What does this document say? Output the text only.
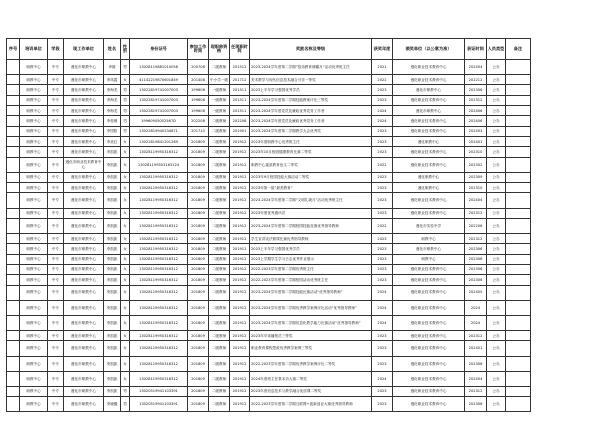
序号	培训单位	学段	现工作单位	姓名	性别	身份证号	参加工作时间	现职称资格	任现职时间	奖励名称及等级	获奖年度	颁奖单位（以公章为准）	获证时间	人员类型	备注
	职教中心	中专	遵化市职教中心	李雄	男	13028119881010058	200708	二级教师	201512	2023-2024学年度第二学期“招弟教育储蓄月”活动优秀班主任	2021	遵化职业技术教育中心	202404	公办	
	职教中心	中专	遵化市职教中心	李凤霞	女	41142219870601849	201408	中小学一级	201712	美术教学与现代信息技术融合分享一等奖	2022	遵化职业技术教育中心	202212	公办	
	职教中心	中专	遵化市职教中心	李海龙	男	13022819741007003	199608	一级教师	201511	2023上半年学习强国优秀学员	2023	遵化市职教中心	202306	公办	
	职教中心	中专	遵化市职教中心	李海龙	男	13022819741007003	199608	一级教师	201511	2023-2024学年度第二学期技能教案评比三等奖	2023	遵化职业技术教育中心	202312	公办	
	职教中心	中专	遵化市职教中心	李海龙	男	13022819741007003	199608	一级教师	201511	2023-2024学年度党员及廉政优秀党务工作者	2024	遵化市职教中心	202406	公办	
	职教中心	中专	遵化市职教中心	李桂桐	男	19960905002567D	202208	二级教师	202208	2023-2024学年度党员及廉政优秀党务工作者	2024	遵化职业技术教育中心	202406	公办	
	职教中心	中专	遵化市职教中心	李国阳	男	13022819940234871	201710	二级教师	201901	2023-2024学年度第二学期教学大会优秀奖	2023	遵化职业技术教育中心	202403	公办	
	职教中心	中专	遵化市职教中心	李美红	女	13022819841201269	201809	二级教师	201912	2023年度职教中心优秀班主任	2023	遵化职教中心	202401	公办	
	职教中心	中专	遵化市职教中心	李凯凯	女	13028119950316312	201809	二级教师	201912	2023年10月校园健康教育比赛二等奖	2023	遵化职业技术教育中心	202310	公办	
	职教中心	中专	遵化市职业技术教育中心	李凯凯	女	130281199503163124	201809	二级教师	201912	职教中心素质教育论文二等奖	2022	遵化职业技术教育中心	202302	公办	
	职教中心	中专	遵化市职教中心	李凯凯	女	13028119950316312	201809	二级教师	201912	2023年9月校园技能大赛活动二等奖	2023	遵化职教中心	202309	公办	
	职教中心	中专	遵化市职教中心	李凯凯	女	13028119950316312	201809	二级教师	201912	2023年第一届“最美教育”	2023	遵化职教中心	202310	公办	
	职教中心	中专	遵化市职教中心	李凯凯	女	13028119950316312	201809	二级教师	201912	2023-2024学年度第二学期“文明礼貌月”活动优秀班主任	2023	遵化职业技术教育中心	202404	公办	
	职教中心	中专	遵化市职教中心	李凯凯	女	13028119950316312	201809	二级教师	201912	2023年度优秀通讯员	2023	遵化职业技术教育中心	202312	公办	
	职教中心	中专	遵化市职教中心	李凯凯	女	13028119950316312	201809	二级教师	201912	2023-2024学年度第二学期校园技能竞赛优秀指导教师	2022	遵化市实验中学	202206	公办	
	职教中心	中专	遵化市职教中心	李凯凯	女	13028119950316312	201809	二级教师	201912	学生宣讲宪法微课比赛优秀指导教师	2023	职教中心	202312	公办	
	职教中心	中专	遵化市职教中心	李凯凯	女	13028119950316312	201809	二级教师	201912	2023上半年学习强国优秀学员	2023	遵化市职教中心	202306	公办	
	职教中心	中专	遵化市职教中心	李凯凯	女	13028119950316312	201809	二级教师	201912	2023上学期学生学习日志优秀作业展示	2023	职教中心	202306	公办	
	职教中心	中专	遵化市职教中心	李凯凯	女	13028119950316312	201809	二级教师	201912	2022-2023学年度第二学期优秀班主任	2023	遵化职业技术教育中心	202306	公办	
	职教中心	中专	遵化市职教中心	李凯凯	女	13028119950316312	201809	二级教师	201912	2022-2023学年度第二学期校园活动优秀班主任	2023	遵化职业技术教育中心	202306	公办	
	职教中心	中专	遵化市职教中心	李凯凯	女	13028119950316312	201809	二级教师	201912	2023-2024学年度第二学期技能比赛活动“优秀指导教师”	2024	遵化职业技术教育中心	202405	公办	
	职教中心	中专	遵化市职教中心	李凯凯	女	13028119950316312	201809	二级教师	201912	2023-2024学年度第二学期优秀教学案例评比活动“优秀指导教师”	2024	遵化职业技术教育中心	2024	公办	
	职教中心	中专	遵化市职教中心	李凯凯	女	13028119950316312	201809	二级教师	201912	2023-2024学年度第二学期信息化教学能力比赛活动“优秀指导教师”	2024	遵化职业技术教育中心	2024	公办	
	职教中心	中专	遵化市职教中心	李凯凯	女	13028119950316312	201809	二级教师	201912	2023年早读播报员三等奖	2023	遵化职业技术教育中心	202312	公办	
	职教中心	中专	遵化市职教中心	李凯凯	女	13028119950316312	201809	二级教师	201912	职业教育课程思政优秀教学案例三等奖	2023	遵化职业技术教育中心	202401	公办	
	职教中心	中专	遵化市职教中心	李凯凯	女	13028119950316312	201809	二级教师	201912	2022-2023学年度第二学期优秀教学案例评比二等奖	2023	遵化职业技术教育中心	202306	公办	
	职教中心	中专	遵化市职教中心	李凯凯	女	13028119950316312	201809	二级教师	201912	2024年度班主任基本功大赛二等奖	2024	遵化职业技术教育中心	202404	公办	
	职教中心	中专	遵化市职教中心	李凯凯	男	13020519941103391	201809	二级教师	201912	2023年度信息技术与教学融合优质课二等奖	2023	遵化职业技术教育中心	202312	公办	
	职教中心	中专	遵化市职教中心	李晓璐	男	13020519941103391	201809	二级教师	201912	2022-2023学年度第二学期互联网+创新创业大赛优秀指导教师	2023	遵化职业技术教育中心	202306	公办	
